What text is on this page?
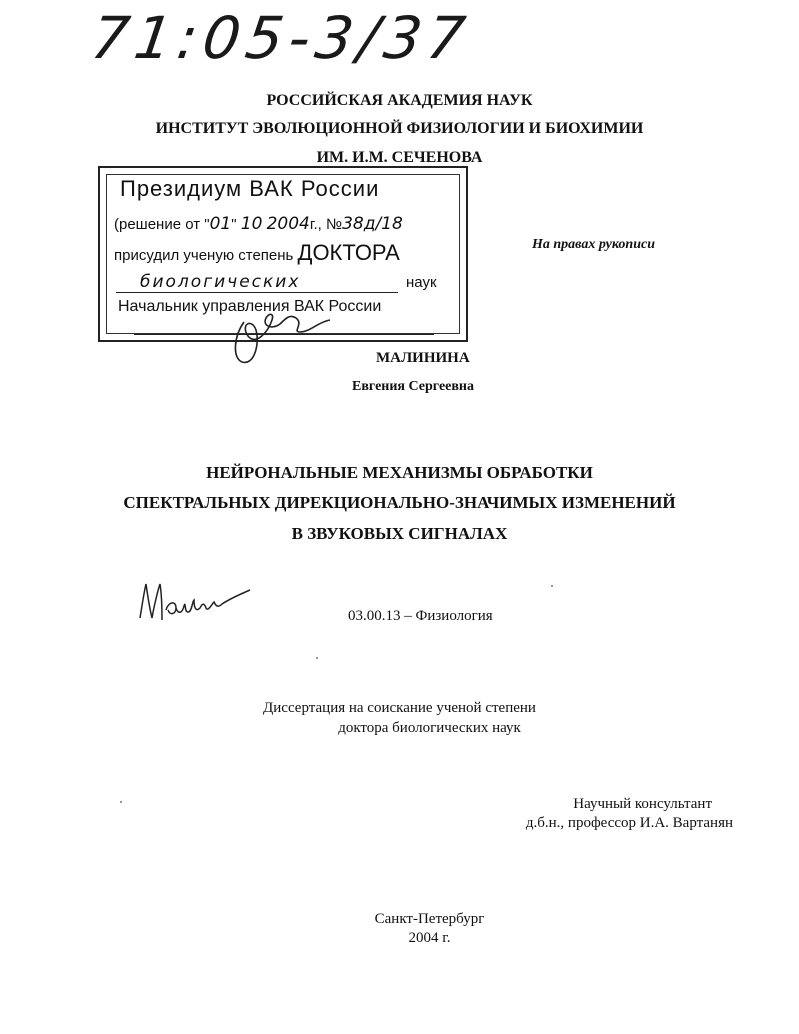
71:05-3/37
РОССИЙСКАЯ АКАДЕМИЯ НАУК
ИНСТИТУТ ЭВОЛЮЦИОННОЙ ФИЗИОЛОГИИ И БИОХИМИИ
ИМ. И.М. СЕЧЕНОВА
Президиум ВАК России
(решение от "01" 10 2004г., №38д/18
присудил ученую степень ДОКТОРА
биологических	наук
Начальник управления ВАК России
На правах рукописи
МАЛИНИНА
Евгения Сергеевна
НЕЙРОНАЛЬНЫЕ МЕХАНИЗМЫ ОБРАБОТКИ
СПЕКТРАЛЬНЫХ ДИРЕКЦИОНАЛЬНО-ЗНАЧИМЫХ ИЗМЕНЕНИЙ
В ЗВУКОВЫХ СИГНАЛАХ
03.00.13 – Физиология
Диссертация на соискание ученой степени
доктора биологических наук
Научный консультант
д.б.н., профессор И.А. Вартанян
Санкт-Петербург
2004 г.
